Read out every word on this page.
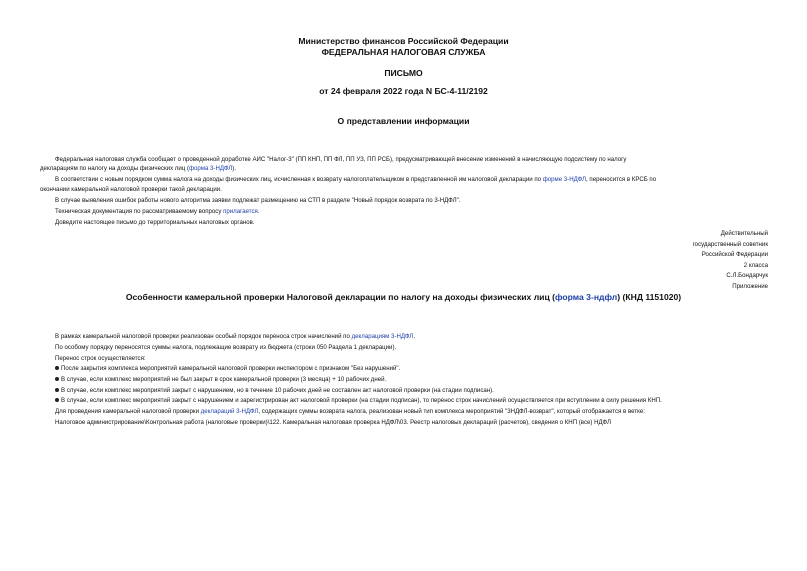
Министерство финансов Российской Федерации
ФЕДЕРАЛЬНАЯ НАЛОГОВАЯ СЛУЖБА
ПИСЬМО
от 24 февраля 2022 года N БС-4-11/2192
О представлении информации
Федеральная налоговая служба сообщает о проведенной доработке АИС "Налог-3" (ПП КНП, ПП ФЛ, ПП УЗ, ПП РСБ), предусматривающей внесение изменений в начисляющую подсистему по налогу
декларациям по налогу на доходы физических лиц (форма 3-НДФЛ).
В соответствии с новым порядком сумма налога на доходы физических лиц, исчисленная к возврату налогоплательщиком в представленной им налоговой декларации по форме 3-НДФЛ, переносится в КРСБ по
окончании камеральной налоговой проверки такой декларации.
В случае выявления ошибок работы нового алгоритма заявки подлежат размещению на СТП в разделе "Новый порядок возврата по 3-НДФЛ".
Техническая документация по рассматриваемому вопросу прилагается.
Доведите настоящее письмо до территориальных налоговых органов.
Действительный
государственный советник
Российской Федерации
2 класса
С.Л.Бондарчук
Приложение
Особенности камеральной проверки Налоговой декларации по налогу на доходы физических лиц (форма 3-ндфл) (КНД 1151020)
В рамках камеральной налоговой проверки реализован особый порядок переноса строк начислений по декларациям 3-НДФЛ.
По особому порядку переносятся суммы налога, подлежащие возврату из бюджета (строки 050 Раздела 1 декларации).
Перенос строк осуществляется:
После закрытия комплекса мероприятий камеральной налоговой проверки инспектором с признаком "Без нарушений".
В случае, если комплекс мероприятий не был закрыт в срок камеральной проверки (3 месяца) + 10 рабочих дней.
В случае, если комплекс мероприятий закрыт с нарушением, но в течение 10 рабочих дней не составлен акт налоговой проверки (на стадии подписан).
В случае, если комплекс мероприятий закрыт с нарушением и зарегистрирован акт налоговой проверки (на стадии подписан), то перенос строк начислений осуществляется при вступлении в силу решения КНП.
Для проведения камеральной налоговой проверки деклараций 3-НДФЛ, содержащих суммы возврата налога, реализован новый тип комплекса мероприятий "3НДФЛ-возврат", который отображается в ветке:
Налоговое администрирование\Контрольная работа (налоговые проверки)\122. Камеральная налоговая проверка НДФЛ\03. Реестр налоговых деклараций (расчетов), сведения о КНП (все) НДФЛ
